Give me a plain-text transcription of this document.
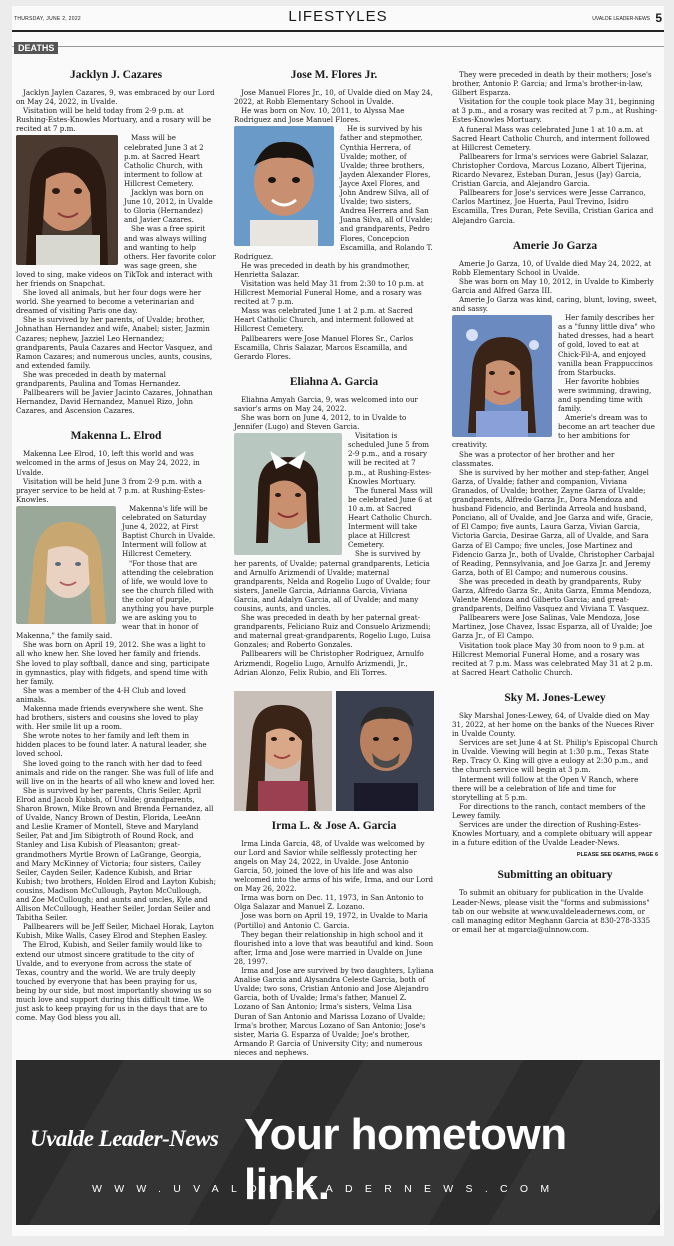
THURSDAY, JUNE 2, 2022	LIFESTYLES	UVALDE LEADER-NEWS 5
DEATHS
Jacklyn J. Cazares

Jacklyn Jaylen Cazares, 9, was embraced by our Lord on May 24, 2022, in Uvalde.

Visitation will be held today from 2-9 p.m. at Rushing-Estes-Knowles Mortuary, and a rosary will be recited at 7 p.m.

Mass will be celebrated June 3 at 2 p.m. at Sacred Heart Catholic Church, with interment to follow at Hillcrest Cemetery.

Jacklyn was born on June 10, 2012, in Uvalde to Gloria (Hernandez) and Javier Cazares.

She was a free spirit and was always willing and wanting to help others. Her favorite color was sage green, she loved to sing, make videos on TikTok and interact with her friends on Snapchat.

She loved all animals, but her four dogs were her world. She yearned to become a veterinarian and dreamed of visiting Paris one day.

She is survived by her parents, of Uvalde; brother, Johnathan Hernandez and wife, Anabel; sister, Jazmin Cazares; nephew, Jazziel Leo Hernandez; grandparents, Paula Cazares and Hector Vasquez, and Ramon Cazares; and numerous uncles, aunts, cousins, and extended family.

She was preceded in death by maternal grandparents, Paulina and Tomas Hernandez.

Pallbearers will be Javier Jacinto Cazares, Johnathan Hernandez, David Hernandez, Manuel Rizo, John Cazares, and Ascension Cazares.

Makenna L. Elrod

Makenna Lee Elrod, 10, left this world and was welcomed in the arms of Jesus on May 24, 2022, in Uvalde.

Visitation will be held June 3 from 2-9 p.m. with a prayer service to be held at 7 p.m. at Rushing-Estes-Knowles.

Makenna's life will be celebrated on Saturday June 4, 2022, at First Baptist Church in Uvalde. Interment will follow at Hillcrest Cemetery.

"For those that are attending the celebration of life, we would love to see the church filled with the color of purple, anything you have purple we are asking you to wear that in honor of Makenna," the family said.

She was born on April 19, 2012. She was a light to all who knew her. She loved her family and friends. She loved to play softball, dance and sing, participate in gymnastics, play with fidgets, and spend time with her family.

She was a member of the 4-H Club and loved animals.

Makenna made friends everywhere she went. She had brothers, sisters and cousins she loved to play with. Her smile lit up a room.

She wrote notes to her family and left them in hidden places to be found later. A natural leader, she loved school.

She loved going to the ranch with her dad to feed animals and ride on the ranger. She was full of life and will live on in the hearts of all who knew and loved her.

She is survived by her parents, Chris Seiler, April Elrod and Jacob Kubish, of Uvalde; grandparents, Sharon Brown, Mike Brown and Brenda Fernandez, all of Uvalde, Nancy Brown of Destin, Florida, LeeAnn and Leslie Kramer of Montell, Steve and Maryland Seiler, Pat and Jim Sibigtroth of Round Rock, and Stanley and Lisa Kubish of Pleasanton; great-grandmothers Myrtle Brown of LaGrange, Georgia, and Mary McKinney of Victoria; four sisters, Cailey Seiler, Cayden Seiler, Kadence Kubish, and Briar Kubish; two brothers, Holden Elrod and Layton Kubish; cousins, Madison McCullough, Payton McCullough, and Zoe McCullough; and aunts and uncles, Kyle and Allison McCullough, Heather Seiler, Jordan Seiler and Tabitha Seiler.

Pallbearers will be Jeff Seiler, Michael Horak, Layton Kubish, Mike Walls, Casey Elrod and Stephen Easley.

The Elrod, Kubish, and Seiler family would like to extend our utmost sincere gratitude to the city of Uvalde, and to everyone from across the state of Texas, country and the world. We are truly deeply touched by everyone that has been praying for us, being by our side, but most importantly showing us so much love and support during this difficult time. We just ask to keep praying for us in the days that are to come. May God bless you all.

Jose M. Flores Jr.

Jose Manuel Flores Jr., 10, of Uvalde died on May 24, 2022, at Robb Elementary School in Uvalde.

He was born on Nov. 10, 2011, to Alyssa Mae Rodriguez and Jose Manuel Flores.

He is survived by his father and stepmother, Cynthia Herrera, of Uvalde; mother, of Uvalde; three brothers, Jayden Alexander Flores, Jayce Axel Flores, and John Andrew Silva, all of Uvalde; two sisters, Andrea Herrera and San Juana Silva, all of Uvalde; and grandparents, Pedro Flores, Concepcion Escamilla, and Rolando T. Rodriguez.

He was preceded in death by his grandmother, Henrietta Salazar.

Visitation was held May 31 from 2:30 to 10 p.m. at Hillcrest Memorial Funeral Home, and a rosary was recited at 7 p.m.

Mass was celebrated June 1 at 2 p.m. at Sacred Heart Catholic Church, and interment followed at Hillcrest Cemetery.

Pallbearers were Jose Manuel Flores Sr., Carlos Escamilla, Chris Salazar, Marcos Escamilla, and Gerardo Flores.

Eliahna A. Garcia

Eliahna Amyah Garcia, 9, was welcomed into our savior's arms on May 24, 2022.

She was born on June 4, 2012, to in Uvalde to Jennifer (Lugo) and Steven Garcia.

Visitation is scheduled June 5 from 2-9 p.m., and a rosary will be recited at 7 p.m., at Rushing-Estes-Knowles Mortuary.

The funeral Mass will be celebrated June 6 at 10 a.m. at Sacred Heart Catholic Church. Interment will take place at Hillcrest Cemetery.

She is survived by her parents, of Uvalde; paternal grandparents, Leticia and Arnulfo Arizmendi of Uvalde; maternal grandparents, Nelda and Rogelio Lugo of Uvalde; four sisters, Janelle Garcia, Adrianna Garcia, Viviana Garcia, and Adalyn Garcia, all of Uvalde; and many cousins, aunts, and uncles.

She was preceded in death by her paternal great-grandparents, Feliciano Ruiz and Consuelo Arizmendi; and maternal great-grandparents, Rogelio Lugo, Luisa Gonzales; and Roberto Gonzales.

Pallbearers will be Christopher Rodriguez, Arnulfo Arizmendi, Rogelio Lugo, Arnulfo Arizmendi, Jr., Adrian Alonzo, Felix Rubio, and Eli Torres.

Irma L. & Jose A. Garcia

Irma Linda Garcia, 48, of Uvalde was welcomed by our Lord and Savior while selflessly protecting her angels on May 24, 2022, in Uvalde. Jose Antonio Garcia, 50, joined the love of his life and was also welcomed into the arms of his wife, Irma, and our Lord on May 26, 2022.

Irma was born on Dec. 11, 1973, in San Antonio to Olga Salazar and Manuel Z. Lozano.

Jose was born on April 19, 1972, in Uvalde to Maria (Portillo) and Antonio C. Garcia.

They began their relationship in high school and it flourished into a love that was beautiful and kind. Soon after, Irma and Jose were married in Uvalde on June 28, 1997.

Irma and Jose are survived by two daughters, Lyliana Analise Garcia and Alysandra Celeste Garcia, both of Uvalde; two sons, Cristian Antonio and Jose Alejandro Garcia, both of Uvalde; Irma's father, Manuel Z. Lozano of San Antonio; Irma's sisters, Velma Lisa Duran of San Antonio and Marissa Lozano of Uvalde; Irma's brother, Marcus Lozano of San Antonio; Jose's sister, Maria G. Esparza of Uvalde; Joe's brother, Armando P. Garcia of University City; and numerous nieces and nephews.

They were preceded in death by their mothers; Jose's brother, Antonio P. Garcia; and Irma's brother-in-law, Gilbert Esparza.

Visitation for the couple took place May 31, beginning at 3 p.m., and a rosary was recited at 7 p.m., at Rushing-Estes-Knowles Mortuary.

A funeral Mass was celebrated June 1 at 10 a.m. at Sacred Heart Catholic Church, and interment followed at Hillcrest Cemetery.

Pallbearers for Irma's services were Gabriel Salazar, Christopher Cordova, Marcus Lozano, Albert Tijerina, Ricardo Nevarez, Esteban Duran, Jesus (Jay) Garcia, Cristian Garcia, and Alejandro Garcia.

Pallbearers for Jose's services were Jesse Carranco, Carlos Martinez, Joe Huerta, Paul Trevino, Isidro Escamilla, Tres Duran, Pete Sevilla, Cristian Garica and Alejandro Garcia.

Amerie Jo Garza

Amerie Jo Garza, 10, of Uvalde died May 24, 2022, at Robb Elementary School in Uvalde.

She was born on May 10, 2012, in Uvalde to Kimberly Garcia and Alfred Garza III.

Amerie Jo Garza was kind, caring, blunt, loving, sweet, and sassy.

Her family describes her as a "funny little diva" who hated dresses, had a heart of gold, loved to eat at Chick-Fil-A, and enjoyed vanilla bean Frappuccinos from Starbucks.

Her favorite hobbies were swimming, drawing, and spending time with family.

Amerie's dream was to become an art teacher due to her ambitions for creativity.

She was a protector of her brother and her classmates.

She is survived by her mother and step-father, Angel Garza, of Uvalde; father and companion, Viviana Granados, of Uvalde; brother, Zayne Garza of Uvalde; grandparents, Alfredo Garza Jr., Dora Mendoza and husband Fidencio, and Berlinda Arreola and husband, Ponciano, all of Uvalde, and Joe Garza and wife, Gracie, of El Campo; five aunts, Laura Garza, Vivian Garcia, Victoria Garcia, Desirae Garza, all of Uvalde, and Sara Garza of El Campo; five uncles, Jose Martinez and Fidencio Garza Jr., both of Uvalde, Christopher Carbajal of Reading, Pennsylvania, and Joe Garza Jr. and Jeremy Garza, both of El Campo; and numerous cousins.

She was preceded in death by grandparents, Ruby Garza, Alfredo Garza Sr., Anita Garza, Emma Mendoza, Valente Mendoza and Gilberto Garcia; and great-grandparents, Delfino Vasquez and Viviana T. Vasquez.

Pallbearers were Jose Salinas, Vale Mendoza, Jose Martinez, Jose Chavez, Issac Esparza, all of Uvalde; Joe Garza Jr., of El Campo.

Visitation took place May 30 from noon to 9 p.m. at Hillcrest Memorial Funeral Home, and a rosary was recited at 7 p.m. Mass was celebrated May 31 at 2 p.m. at Sacred Heart Catholic Church.

Sky M. Jones-Lewey

Sky Marshal Jones-Lewey, 64, of Uvalde died on May 31, 2022, at her home on the banks of the Nueces River in Uvalde County.

Services are set June 4 at St. Philip's Episcopal Church in Uvalde. Viewing will begin at 1:30 p.m., Texas State Rep. Tracy O. King will give a eulogy at 2:30 p.m., and the church service will begin at 3 p.m.

Interment will follow at the Open V Ranch, where there will be a celebration of life and time for storytelling at 5 p.m.

For directions to the ranch, contact members of the Lewey family.

Services are under the direction of Rushing-Estes-Knowles Mortuary, and a complete obituary will appear in a future edition of the Uvalde Leader-News.

PLEASE SEE DEATHS, PAGE 6

Submitting an obituary

To submit an obituary for publication in the Uvalde Leader-News, please visit the "forms and submissions" tab on our website at www.uvaldeleadernews.com, or call managing editor Meghann Garcia at 830-278-3335 or email her at mgarcia@ulnnow.com.

Uvalde Leader-News Your hometown link.
WWW.UVALDELEADERNEWS.COM
